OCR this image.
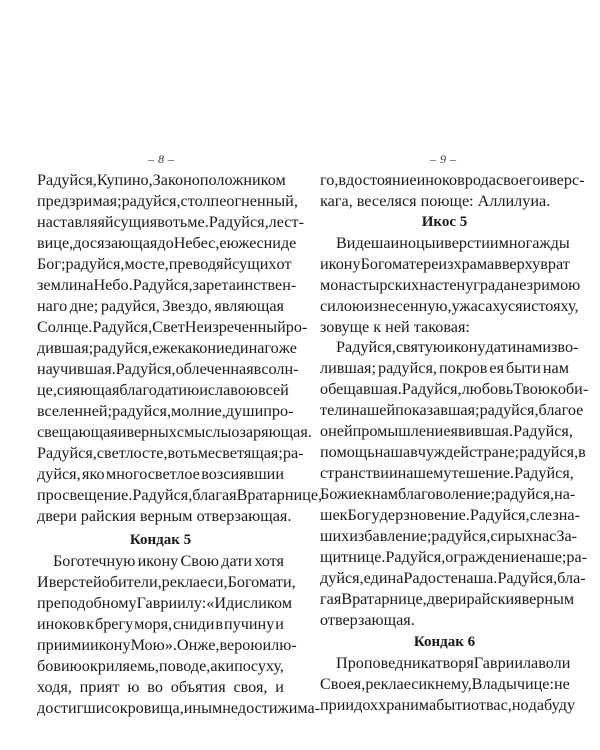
– 8 –	– 9 –
Радуйся, Купино, Законоположником
предзримая; радуйся, столпе огненный,
наставляяй сущия во тьме. Радуйся, лест-
вице, досязающая до Небес, еюже сниде
Бог; радуйся, мосте, преводяй сущих от
земли на Небо. Радуйся, заре таинствен-
наго дне; радуйся, Звездо, являющая
Солнце. Радуйся, Свет Неизреченный ро-
дившая; радуйся, еже како ниединаго же
научившая. Радуйся, облеченная в солн-
це, сияющая благодатию и славою всей
вселенней; радуйся, молние, души про-
свещающая и верных смыслы озаряющая.
Радуйся, светлосте, во тьме светящая; ра-
дуйся, яко многосветлое возсиявшии
просвещение. Радуйся, благая Вратарнице,
двери райския верным отверзающая.
Кондак 5
Боготечную икону Свою дати хотя
Иверстей обители, рекла еси, Богомати,
преподобному Гавриилу: «Иди с ликом
иноков к брегу моря, сниди в пучину и
приими икону Мою». Он же, верою и лю-
бовию окриляемь, по воде, аки по суху,
ходя, прият ю во объятия своя, и
достигши сокровища, иным недостижима-
го, в достояние иноков рода своего иверс-
кага, веселяся поюще: Аллилуиа.
Икос 5
Видеша иноцы иверстии многажды
икону Богоматере из храма в верху врат
монастырских на стену града незримою
силою изнесенную, ужасахуся и стояху,
зовуще к ней таковая:
Радуйся, святую икону дати нам изво-
лившая; радуйся, покров ея быти нам
обещавшая. Радуйся, любовь Твою к оби-
тели нашей показавшая; радуйся, благое
о ней промышление явившая. Радуйся,
помощь наша в чуждей стране; радуйся, в
странствии нашем утешение. Радуйся,
Божие к нам благоволение; радуйся, на-
ше к Богу дерзновение. Радуйся, слез на-
ших избавление; радуйся, сирых нас За-
щитнице. Радуйся, ограждение наше; ра-
дуйся, едина Радосте наша. Радуйся, бла-
гая Вратарнице, двери райския верным
отверзающая.
Кондак 6
Проповедника творя Гавриила воли
Своея, рекла еси к нему, Владычице: не
приидох хранима быти от вас, но да буду
